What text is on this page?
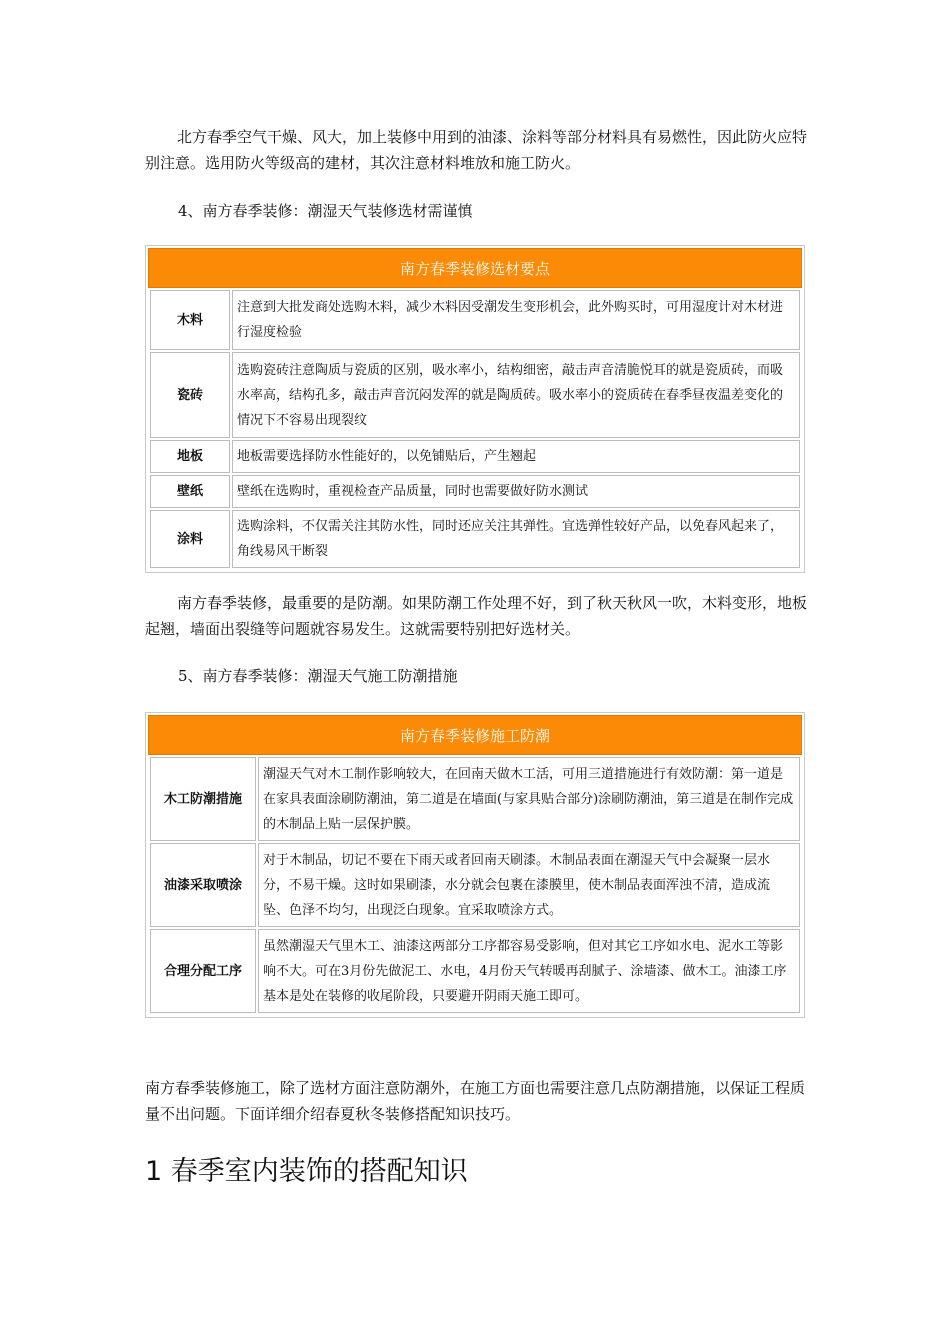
北方春季空气干燥、风大，加上装修中用到的油漆、涂料等部分材料具有易燃性，因此防火应特别注意。选用防火等级高的建材，其次注意材料堆放和施工防火。

4、南方春季装修：潮湿天气装修选材需谨慎

南方春季装修选材要点
木料	注意到大批发商处选购木料，减少木料因受潮发生变形机会，此外购买时，可用湿度计对木材进行湿度检验
瓷砖	选购瓷砖注意陶质与瓷质的区别，吸水率小，结构细密，敲击声音清脆悦耳的就是瓷质砖，而吸水率高，结构孔多，敲击声音沉闷发浑的就是陶质砖。吸水率小的瓷质砖在春季昼夜温差变化的情况下不容易出现裂纹
地板	地板需要选择防水性能好的，以免铺贴后，产生翘起
壁纸	壁纸在选购时，重视检查产品质量，同时也需要做好防水测试
涂料	选购涂料，不仅需关注其防水性，同时还应关注其弹性。宜选弹性较好产品，以免春风起来了，角线易风干断裂

南方春季装修，最重要的是防潮。如果防潮工作处理不好，到了秋天秋风一吹，木料变形，地板起翘，墙面出裂缝等问题就容易发生。这就需要特别把好选材关。

5、南方春季装修：潮湿天气施工防潮措施

南方春季装修施工防潮
木工防潮措施	潮湿天气对木工制作影响较大，在回南天做木工活，可用三道措施进行有效防潮：第一道是在家具表面涂刷防潮油，第二道是在墙面(与家具贴合部分)涂刷防潮油，第三道是在制作完成的木制品上贴一层保护膜。
油漆采取喷涂	对于木制品，切记不要在下雨天或者回南天刷漆。木制品表面在潮湿天气中会凝聚一层水分，不易干燥。这时如果刷漆，水分就会包裹在漆膜里，使木制品表面浑浊不清，造成流坠、色泽不均匀，出现泛白现象。宜采取喷涂方式。
合理分配工序	虽然潮湿天气里木工、油漆这两部分工序都容易受影响，但对其它工序如水电、泥水工等影响不大。可在3月份先做泥工、水电，4月份天气转暖再刮腻子、涂墙漆、做木工。油漆工序基本是处在装修的收尾阶段，只要避开阴雨天施工即可。

南方春季装修施工，除了选材方面注意防潮外，在施工方面也需要注意几点防潮措施，以保证工程质量不出问题。下面详细介绍春夏秋冬装修搭配知识技巧。

1 春季室内装饰的搭配知识
